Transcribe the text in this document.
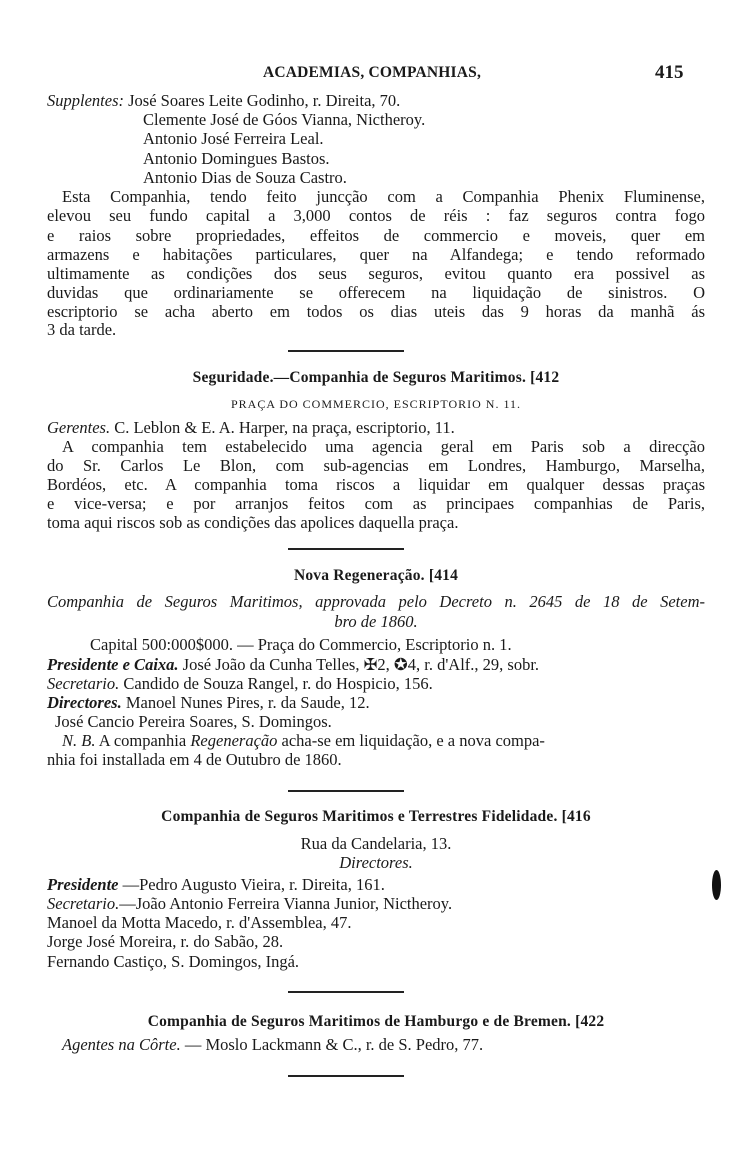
ACADEMIAS, COMPANHIAS,	415
Supplentes: José Soares Leite Godinho, r. Direita, 70.
Clemente José de Góos Vianna, Nictheroy.
Antonio José Ferreira Leal.
Antonio Domingues Bastos.
Antonio Dias de Souza Castro.
Esta Companhia, tendo feito juncção com a Companhia Phenix Fluminense,
elevou seu fundo capital a 3,000 contos de réis : faz seguros contra fogo
e raios sobre propriedades, effeitos de commercio e moveis, quer em
armazens e habitações particulares, quer na Alfandega; e tendo reformado
ultimamente as condições dos seus seguros, evitou quanto era possivel as
duvidas que ordinariamente se offerecem na liquidação de sinistros. O
escriptorio se acha aberto em todos os dias uteis das 9 horas da manhã ás
3 da tarde.
Seguridade.—Companhia de Seguros Maritimos. [412
PRAÇA DO COMMERCIO, ESCRIPTORIO N. 11.
Gerentes. C. Leblon & E. A. Harper, na praça, escriptorio, 11.
A companhia tem estabelecido uma agencia geral em Paris sob a direcção
do Sr. Carlos Le Blon, com sub-agencias em Londres, Hamburgo, Marselha,
Bordéos, etc. A companhia toma riscos a liquidar em qualquer dessas praças
e vice-versa; e por arranjos feitos com as principaes companhias de Paris,
toma aqui riscos sob as condições das apolices daquella praça.
Nova Regeneração. [414
Companhia de Seguros Maritimos, approvada pelo Decreto n. 2645 de 18 de Setem-
bro de 1860.
Capital 500:000$000. — Praça do Commercio, Escriptorio n. 1.
Presidente e Caixa. José João da Cunha Telles, ✠2, ✪4, r. d'Alf., 29, sobr.
Secretario. Candido de Souza Rangel, r. do Hospicio, 156.
Directores. Manoel Nunes Pires, r. da Saude, 12.
José Cancio Pereira Soares, S. Domingos.
N. B. A companhia Regeneração acha-se em liquidação, e a nova compa-
nhia foi installada em 4 de Outubro de 1860.
Companhia de Seguros Maritimos e Terrestres Fidelidade. [416
Rua da Candelaria, 13.
Directores.
Presidente —Pedro Augusto Vieira, r. Direita, 161.
Secretario.—João Antonio Ferreira Vianna Junior, Nictheroy.
Manoel da Motta Macedo, r. d'Assemblea, 47.
Jorge José Moreira, r. do Sabão, 28.
Fernando Castiço, S. Domingos, Ingá.
Companhia de Seguros Maritimos de Hamburgo e de Bremen. [422
Agentes na Côrte. — Moslo Lackmann & C., r. de S. Pedro, 77.
